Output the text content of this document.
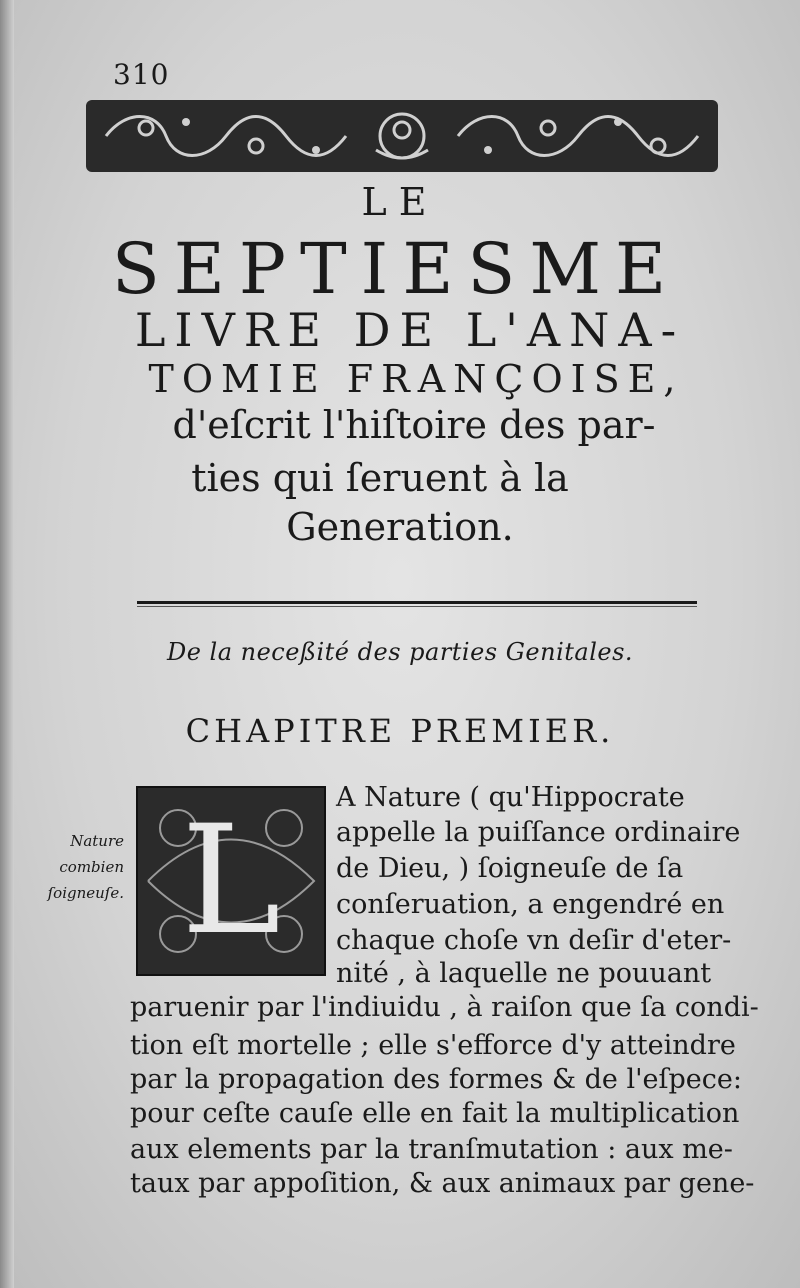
310
LE
SEPTIESME
LIVRE DE L'ANA-
TOMIE FRANÇOISE,
d'eſcrit l'hiſtoire des par-
ties qui ſeruent à la
Generation.
De la neceßité des parties Genitales.
CHAPITRE PREMIER.
Nature
combien
ſoigneuſe. L	A Nature ( qu'Hippocrate
appelle la puiſſance ordinaire
de Dieu, ) ſoigneuſe de ſa
conſeruation, a engendré en
chaque choſe vn deſir d'eter-
nité , à laquelle ne pouuant
paruenir par l'indiuidu , à raiſon que ſa condi-
tion eſt mortelle ; elle s'efforce d'y atteindre
par la propagation des formes & de l'eſpece:
pour ceſte cauſe elle en fait la multiplication
aux elements par la tranſmutation : aux me-
taux par appoſition, & aux animaux par gene-
